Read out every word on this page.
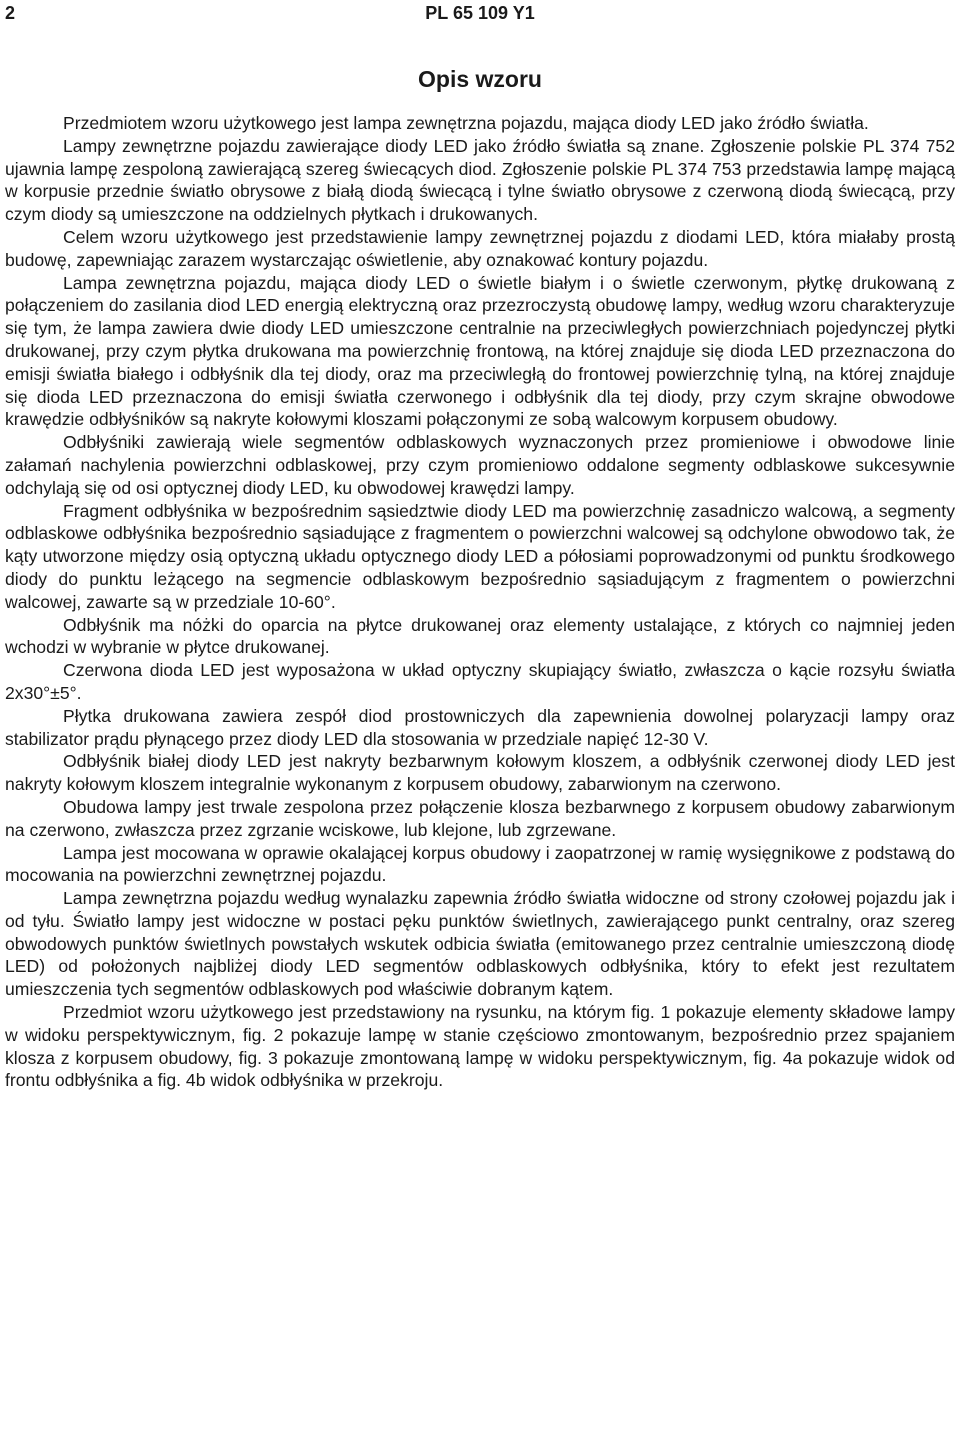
2	PL 65 109 Y1
Opis wzoru

Przedmiotem wzoru użytkowego jest lampa zewnętrzna pojazdu, mająca diody LED jako źródło światła.

Lampy zewnętrzne pojazdu zawierające diody LED jako źródło światła są znane. Zgłoszenie polskie PL 374 752 ujawnia lampę zespoloną zawierającą szereg świecących diod. Zgłoszenie polskie PL 374 753 przedstawia lampę mającą w korpusie przednie światło obrysowe z białą diodą świecącą i tylne światło obrysowe z czerwoną diodą świecącą, przy czym diody są umieszczone na oddzielnych płytkach i drukowanych.

Celem wzoru użytkowego jest przedstawienie lampy zewnętrznej pojazdu z diodami LED, która miałaby prostą budowę, zapewniając zarazem wystarczając oświetlenie, aby oznakować kontury pojazdu.

Lampa zewnętrzna pojazdu, mająca diody LED o świetle białym i o świetle czerwonym, płytkę drukowaną z połączeniem do zasilania diod LED energią elektryczną oraz przezroczystą obudowę lampy, według wzoru charakteryzuje się tym, że lampa zawiera dwie diody LED umieszczone centralnie na przeciwległych powierzchniach pojedynczej płytki drukowanej, przy czym płytka drukowana ma powierzchnię frontową, na której znajduje się dioda LED przeznaczona do emisji światła białego i odbłyśnik dla tej diody, oraz ma przeciwległą do frontowej powierzchnię tylną, na której znajduje się dioda LED przeznaczona do emisji światła czerwonego i odbłyśnik dla tej diody, przy czym skrajne obwodowe krawędzie odbłyśników są nakryte kołowymi kloszami połączonymi ze sobą walcowym korpusem obudowy.

Odbłyśniki zawierają wiele segmentów odblaskowych wyznaczonych przez promieniowe i obwodowe linie załamań nachylenia powierzchni odblaskowej, przy czym promieniowo oddalone segmenty odblaskowe sukcesywnie odchylają się od osi optycznej diody LED, ku obwodowej krawędzi lampy.

Fragment odbłyśnika w bezpośrednim sąsiedztwie diody LED ma powierzchnię zasadniczo walcową, a segmenty odblaskowe odbłyśnika bezpośrednio sąsiadujące z fragmentem o powierzchni walcowej są odchylone obwodowo tak, że kąty utworzone między osią optyczną układu optycznego diody LED a półosiami poprowadzonymi od punktu środkowego diody do punktu leżącego na segmencie odblaskowym bezpośrednio sąsiadującym z fragmentem o powierzchni walcowej, zawarte są w przedziale 10-60°.

Odbłyśnik ma nóżki do oparcia na płytce drukowanej oraz elementy ustalające, z których co najmniej jeden wchodzi w wybranie w płytce drukowanej.

Czerwona dioda LED jest wyposażona w układ optyczny skupiający światło, zwłaszcza o kącie rozsyłu światła 2x30°±5°.

Płytka drukowana zawiera zespół diod prostowniczych dla zapewnienia dowolnej polaryzacji lampy oraz stabilizator prądu płynącego przez diody LED dla stosowania w przedziale napięć 12-30 V.

Odbłyśnik białej diody LED jest nakryty bezbarwnym kołowym kloszem, a odbłyśnik czerwonej diody LED jest nakryty kołowym kloszem integralnie wykonanym z korpusem obudowy, zabarwionym na czerwono.

Obudowa lampy jest trwale zespolona przez połączenie klosza bezbarwnego z korpusem obudowy zabarwionym na czerwono, zwłaszcza przez zgrzanie wciskowe, lub klejone, lub zgrzewane.

Lampa jest mocowana w oprawie okalającej korpus obudowy i zaopatrzonej w ramię wysięgnikowe z podstawą do mocowania na powierzchni zewnętrznej pojazdu.

Lampa zewnętrzna pojazdu według wynalazku zapewnia źródło światła widoczne od strony czołowej pojazdu jak i od tyłu. Światło lampy jest widoczne w postaci pęku punktów świetlnych, zawierającego punkt centralny, oraz szereg obwodowych punktów świetlnych powstałych wskutek odbicia światła (emitowanego przez centralnie umieszczoną diodę LED) od położonych najbliżej diody LED segmentów odblaskowych odbłyśnika, który to efekt jest rezultatem umieszczenia tych segmentów odblaskowych pod właściwie dobranym kątem.

Przedmiot wzoru użytkowego jest przedstawiony na rysunku, na którym fig. 1 pokazuje elementy składowe lampy w widoku perspektywicznym, fig. 2 pokazuje lampę w stanie częściowo zmontowanym, bezpośrednio przez spajaniem klosza z korpusem obudowy, fig. 3 pokazuje zmontowaną lampę w widoku perspektywicznym, fig. 4a pokazuje widok od frontu odbłyśnika a fig. 4b widok odbłyśnika w przekroju.
